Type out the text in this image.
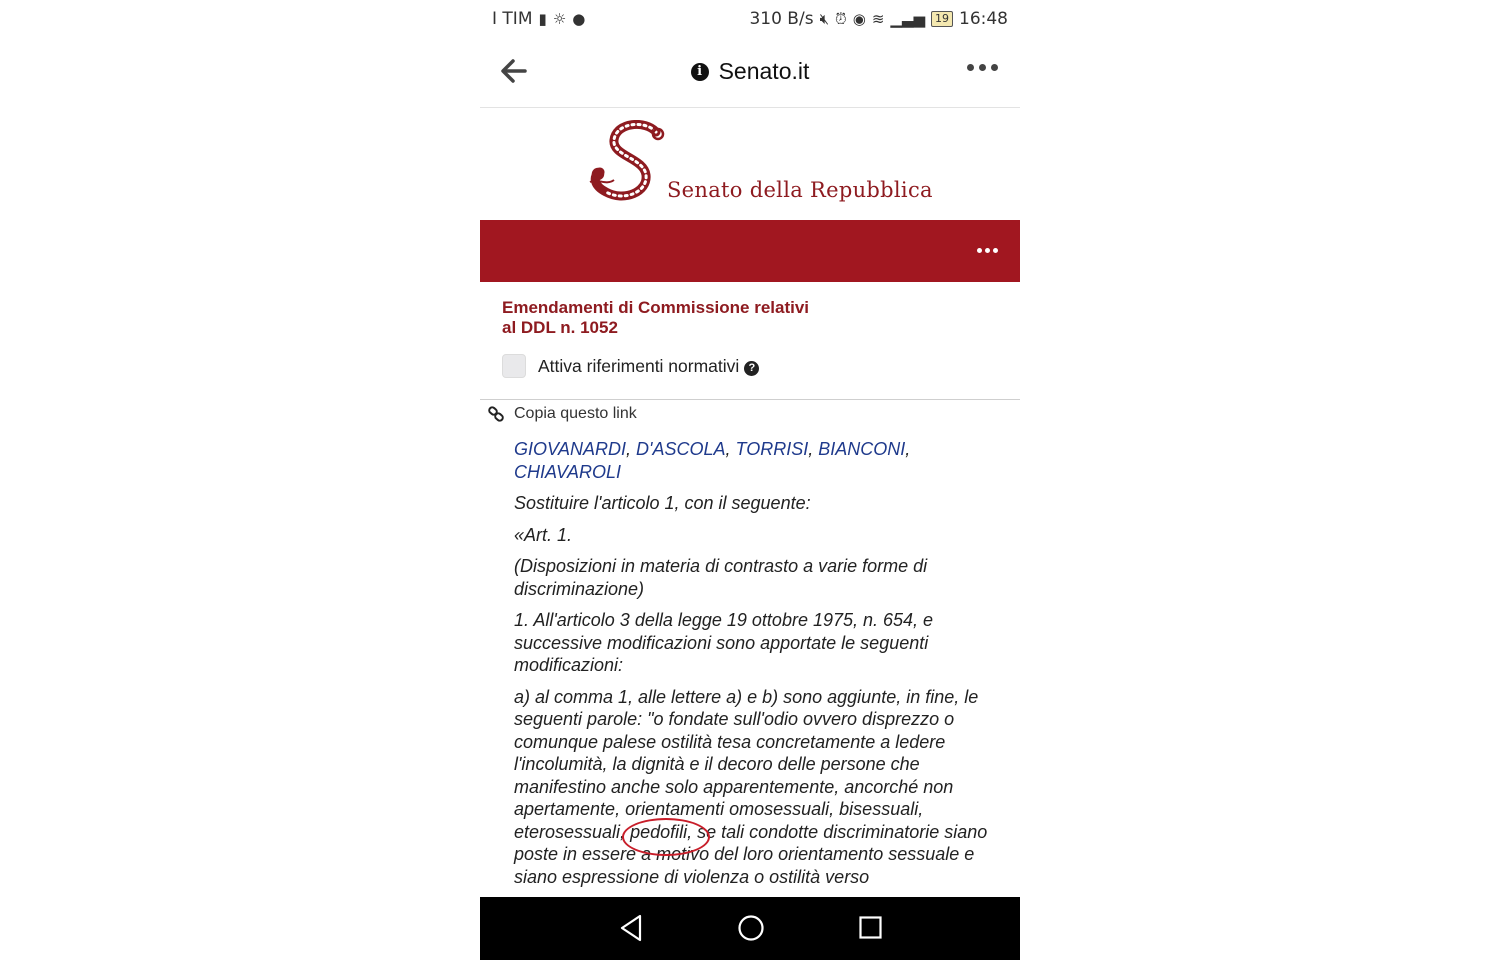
I TIM ▮ ☼ ●	310 B/s 🔇︎ ⏰︎ ◉ ≋ ▁▃▅ 19 16:48
i Senato.it
Senato della Repubblica
Emendamenti di Commissione relativi
al DDL n. 1052
Attiva riferimenti normativi ?
Copia questo link

GIOVANARDI, D'ASCOLA, TORRISI, BIANCONI,
CHIAVAROLI

Sostituire l'articolo 1, con il seguente:

«Art. 1.

(Disposizioni in materia di contrasto a varie forme di discriminazione)

1. All'articolo 3 della legge 19 ottobre 1975, n. 654, e successive modificazioni sono apportate le seguenti modificazioni:

a) al comma 1, alle lettere a) e b) sono aggiunte, in fine, le seguenti parole: "o fondate sull'odio ovvero disprezzo o comunque palese ostilità tesa concretamente a ledere l'incolumità, la dignità e il decoro delle persone che manifestino anche solo apparentemente, ancorché non apertamente, orientamenti omosessuali, bisessuali, eterosessuali, pedofili, se tali condotte discriminatorie siano poste in essere a motivo del loro orientamento sessuale e siano espressione di violenza o ostilità verso
